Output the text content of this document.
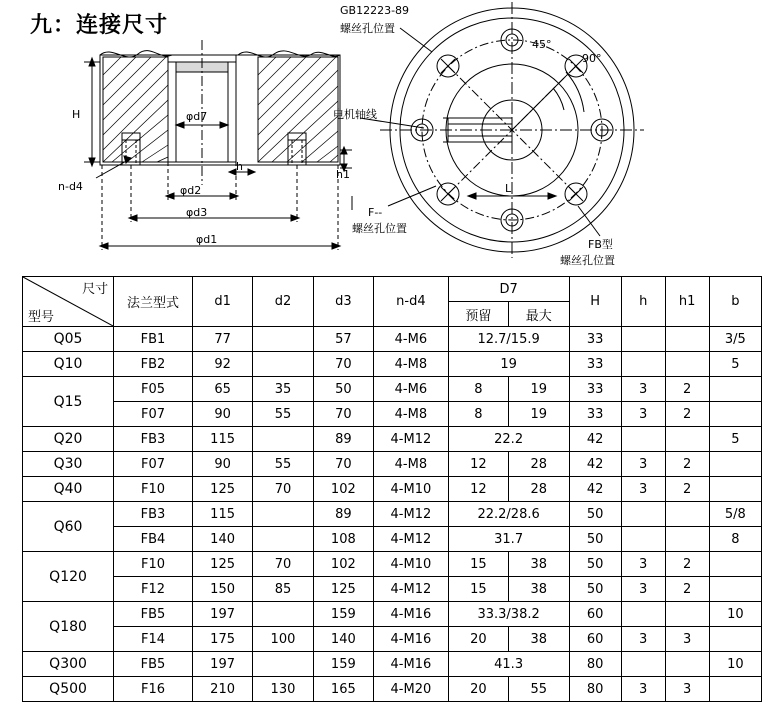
九：连接尺寸
GB12223-89
螺丝孔位置
电机轴线
45°
90°
L
F--
螺丝孔位置
FB型
螺丝孔位置
H	φd7
n-d4	φd2
φd3
φd1
h
h1
尺寸
型号	法兰型式	d1	d2	d3	n-d4	D7		H	h	h1	b
						预留	最大				
Q05	FB1	77		57	4-M6	12.7/15.9		33			3/5
Q10	FB2	92		70	4-M8	19		33			5
Q15	F05	65	35	50	4-M6	8	19	33	3	2	
	F07	90	55	70	4-M8	8	19	33	3	2	
Q20	FB3	115		89	4-M12	22.2		42			5
Q30	F07	90	55	70	4-M8	12	28	42	3	2	
Q40	F10	125	70	102	4-M10	12	28	42	3	2	
Q60	FB3	115		89	4-M12	22.2/28.6		50			5/8
	FB4	140		108	4-M12	31.7		50			8
Q120	F10	125	70	102	4-M10	15	38	50	3	2	
	F12	150	85	125	4-M12	15	38	50	3	2	
Q180	FB5	197		159	4-M16	33.3/38.2		60			10
	F14	175	100	140	4-M16	20	38	60	3	3	
Q300	FB5	197		159	4-M16	41.3		80			10
Q500	F16	210	130	165	4-M20	20	55	80	3	3	
